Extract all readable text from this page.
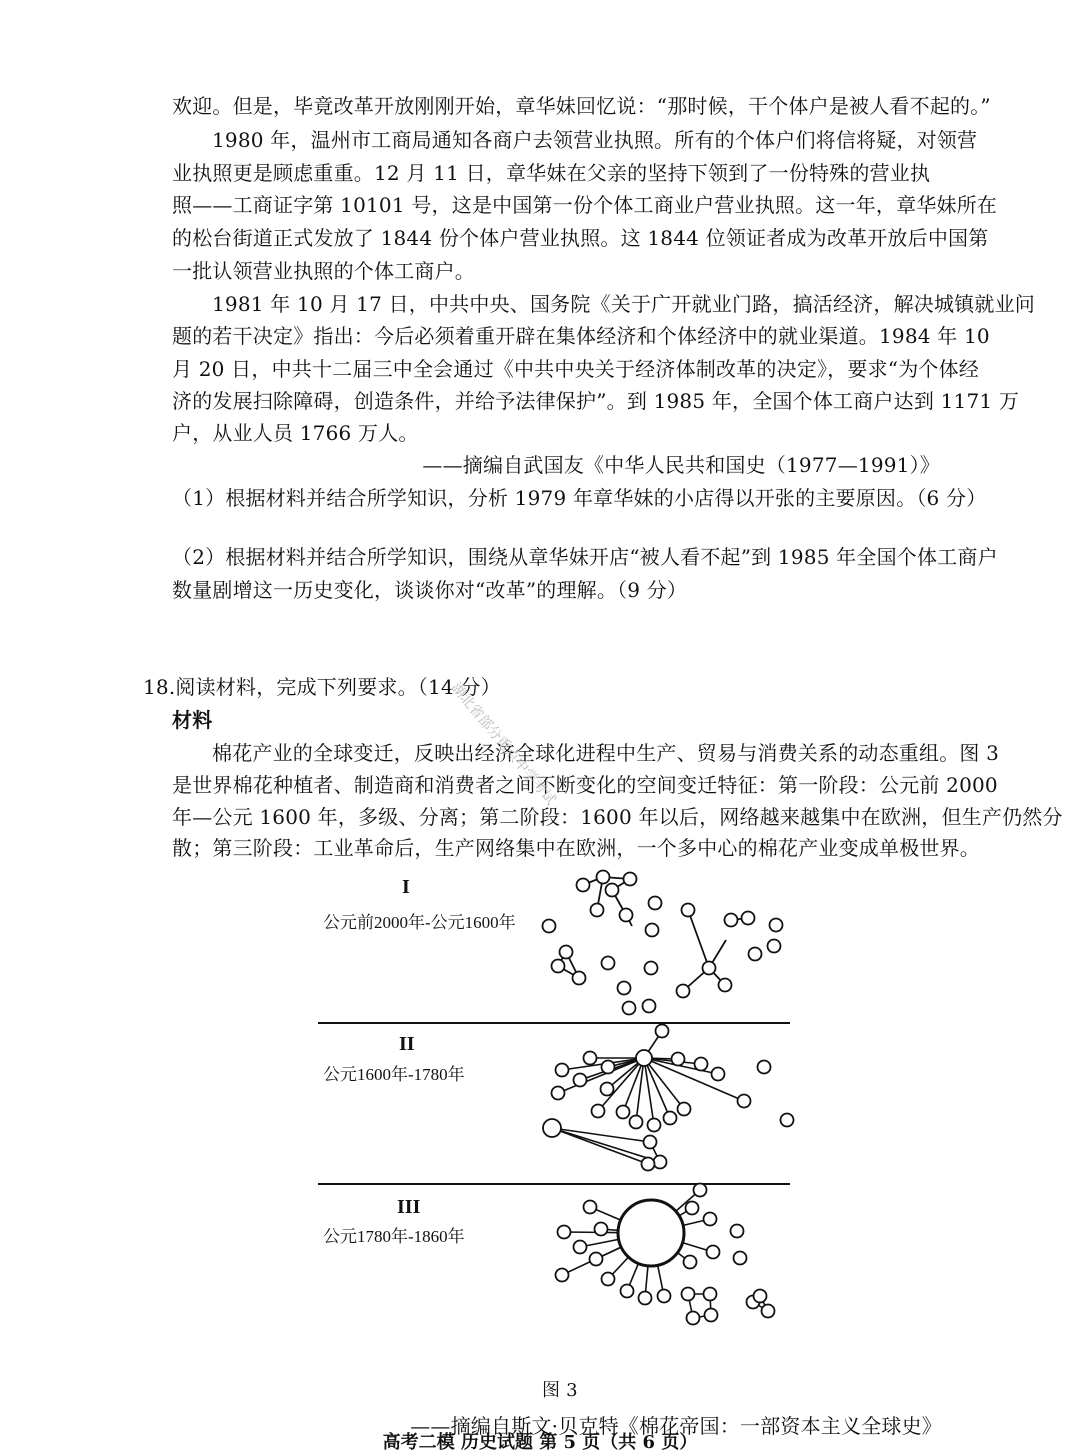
欢迎。但是，毕竟改革开放刚刚开始，章华妹回忆说：“那时候，干个体户是被人看不起的。”
1980 年，温州市工商局通知各商户去领营业执照。所有的个体户们将信将疑，对领营
业执照更是顾虑重重。12 月 11 日，章华妹在父亲的坚持下领到了一份特殊的营业执
照——工商证字第 10101 号，这是中国第一份个体工商业户营业执照。这一年，章华妹所在
的松台街道正式发放了 1844 份个体户营业执照。这 1844 位领证者成为改革开放后中国第
一批认领营业执照的个体工商户。
1981 年 10 月 17 日，中共中央、国务院《关于广开就业门路，搞活经济，解决城镇就业问
题的若干决定》指出：今后必须着重开辟在集体经济和个体经济中的就业渠道。1984 年 10
月 20 日，中共十二届三中全会通过《中共中央关于经济体制改革的决定》，要求“为个体经
济的发展扫除障碍，创造条件，并给予法律保护”。到 1985 年，全国个体工商户达到 1171 万
户，从业人员 1766 万人。
——摘编自武国友《中华人民共和国史（1977—1991）》
（1）根据材料并结合所学知识，分析 1979 年章华妹的小店得以开张的主要原因。（6 分）
（2）根据材料并结合所学知识，围绕从章华妹开店“被人看不起”到 1985 年全国个体工商户
数量剧增这一历史变化，谈谈你对“改革”的理解。（9 分）
18.阅读材料，完成下列要求。（14 分）
材料
棉花产业的全球变迁，反映出经济全球化进程中生产、贸易与消费关系的动态重组。图 3
是世界棉花种植者、制造商和消费者之间不断变化的空间变迁特征：第一阶段：公元前 2000
年—公元 1600 年，多级、分离；第二阶段：1600 年以后，网络越来越集中在欧洲，但生产仍然分
散；第三阶段：工业革命后，生产网络集中在欧洲，一个多中心的棉花产业变成单极世界。
湖北省部分重点中学考试
I
公元前2000年-公元1600年
II
公元1600年-1780年
III
公元1780年-1860年
图 3
——摘编自斯文·贝克特《棉花帝国：一部资本主义全球史》
高考二模 历史试题 第 5 页（共 6 页）
